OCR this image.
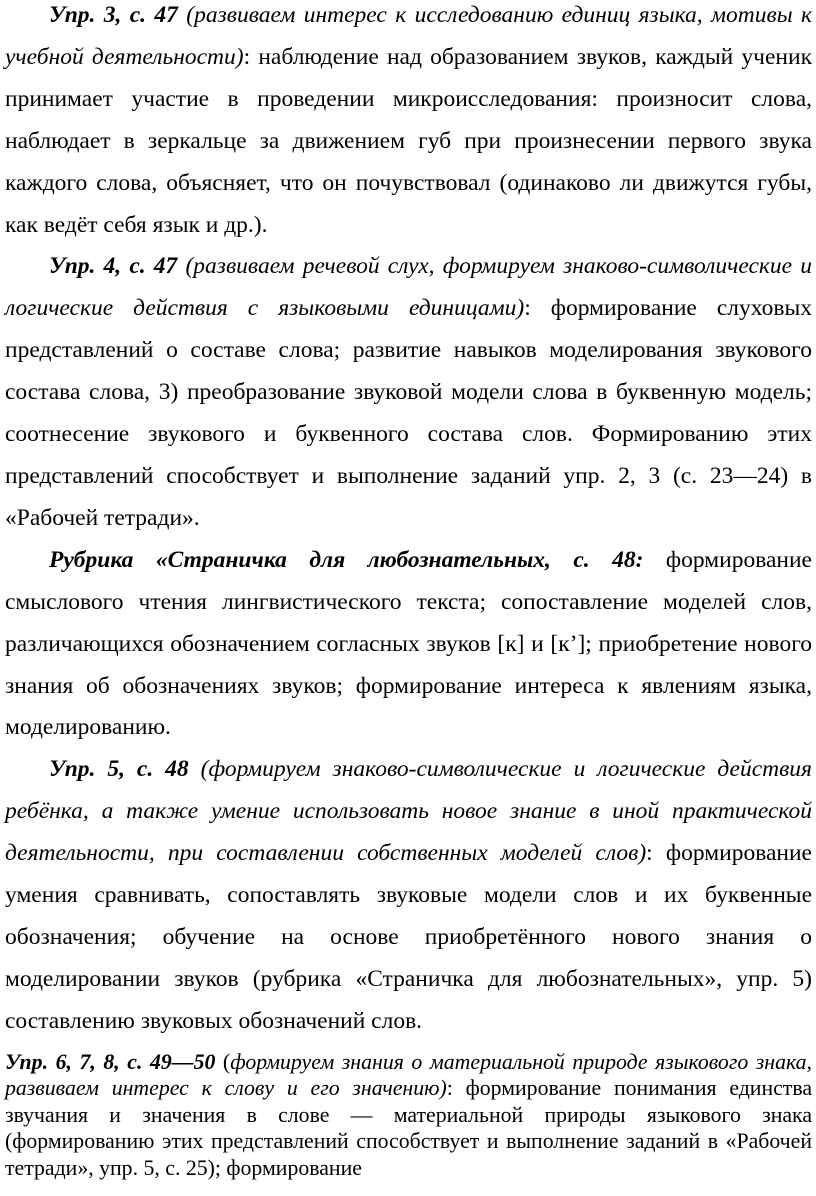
Упр. 3, с. 47 (развиваем интерес к исследованию единиц языка, мотивы к учебной деятельности): наблюдение над образованием звуков, каждый ученик принимает участие в проведении микроисследования: произносит слова, наблюдает в зеркальце за движением губ при произнесении первого звука каждого слова, объясняет, что он почувствовал (одинаково ли движутся губы, как ведёт себя язык и др.).

Упр. 4, с. 47 (развиваем речевой слух, формируем знаково-символические и логические действия с языковыми единицами): формирование слуховых представлений о составе слова; развитие навыков моделирования звукового состава слова, 3) преобразование звуковой модели слова в буквенную модель; соотнесение звукового и буквенного состава слов. Формированию этих представлений способствует и выполнение заданий упр. 2, 3 (с. 23—24) в «Рабочей тетради».

Рубрика «Страничка для любознательных, с. 48: формирование смыслового чтения лингвистического текста; сопоставление моделей слов, различающихся обозначением согласных звуков [к] и [к’]; приобретение нового знания об обозначениях звуков; формирование интереса к явлениям языка, моделированию.

Упр. 5, с. 48 (формируем знаково-символические и логические действия ребёнка, а также умение использовать новое знание в иной практической деятельности, при составлении собственных моделей слов): формирование умения сравнивать, сопоставлять звуковые модели слов и их буквенные обозначения; обучение на основе приобретённого нового знания о моделировании звуков (рубрика «Страничка для любознательных», упр. 5) составлению звуковых обозначений слов.

Упр. 6, 7, 8, с. 49—50 (формируем знания о материальной природе языкового знака, развиваем интерес к слову и его значению): формирование понимания единства звучания и значения в слове — материальной природы языкового знака (формированию этих представлений способствует и выполнение заданий в «Рабочей тетради», упр. 5, с. 25); формирование
